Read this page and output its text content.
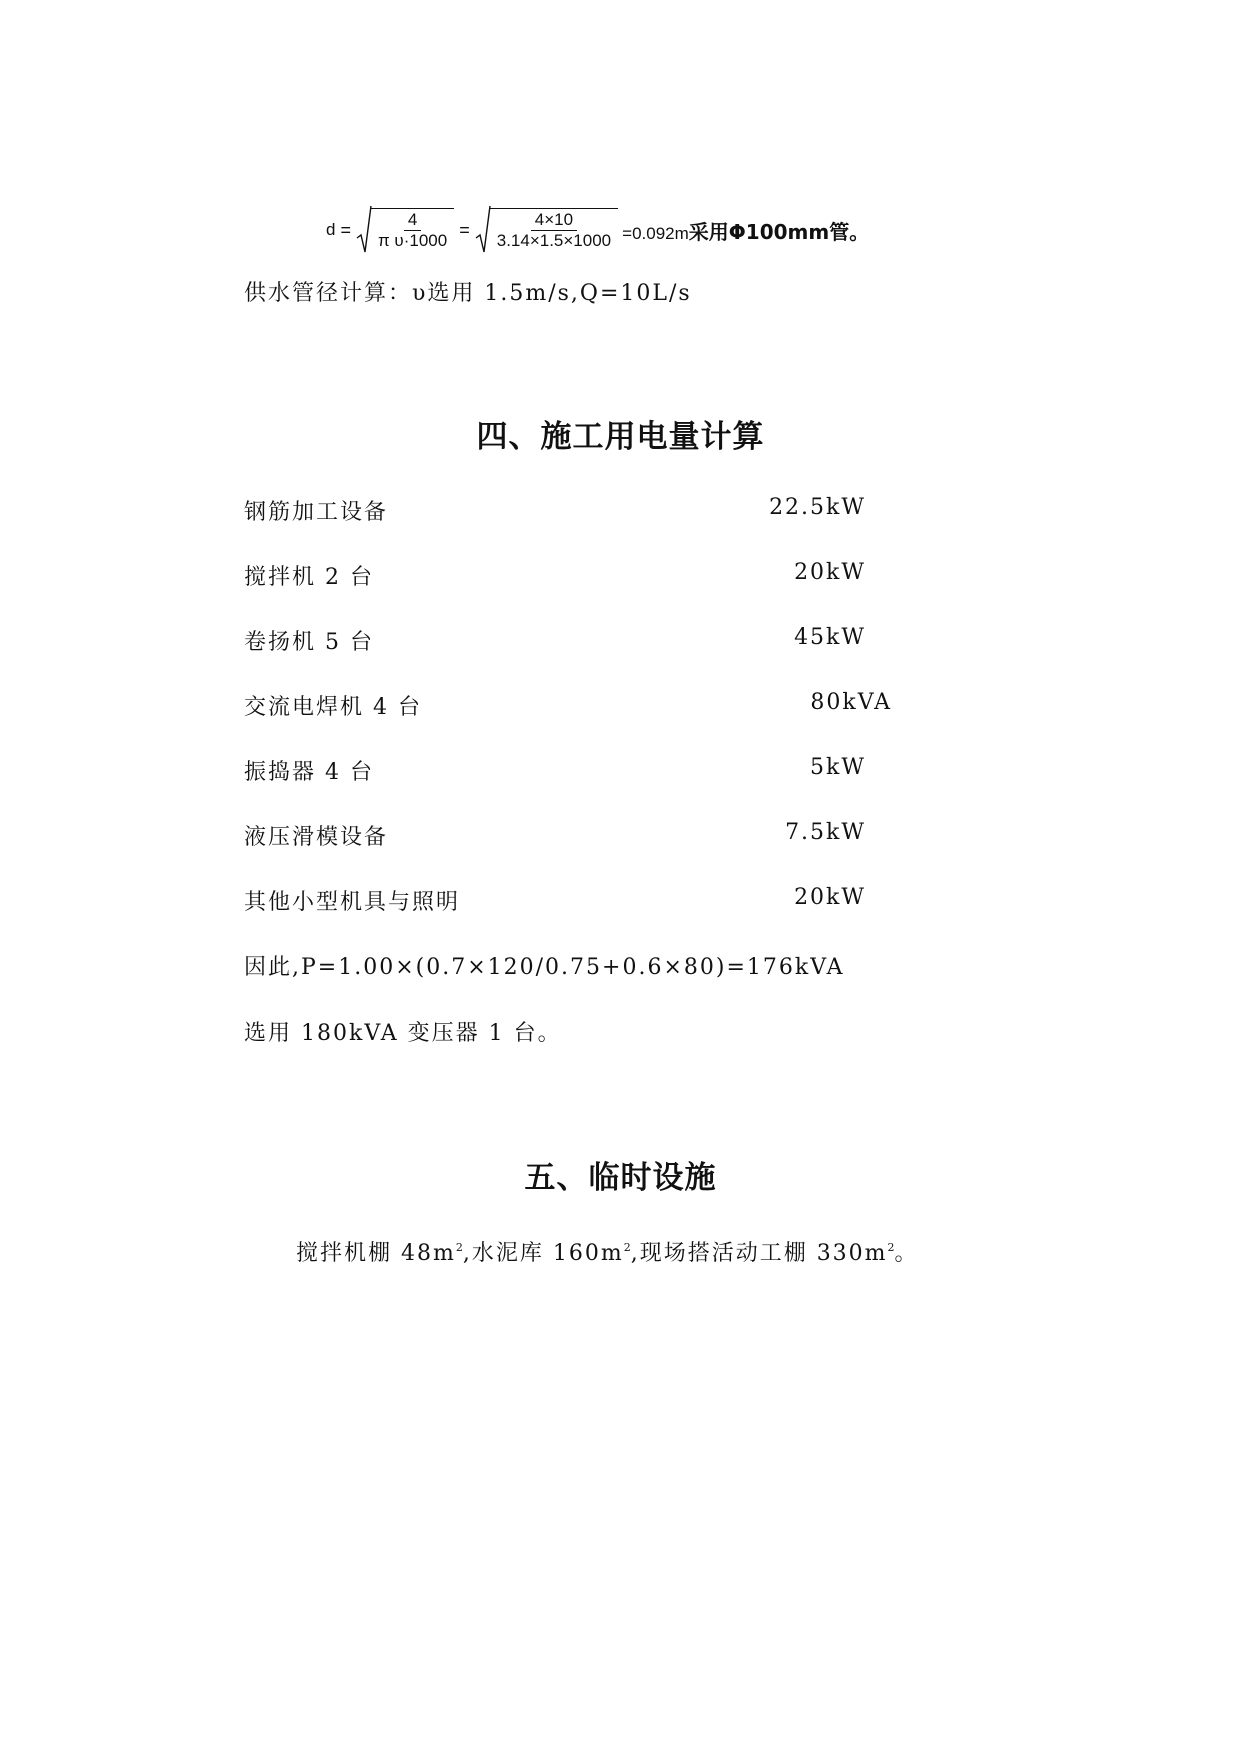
$d = \frac{4}{\text{π υ·1000}} = \frac{4\times 10}{3.14\times 1.5\times 1000} =0.092m$采用Φ100mm管。
供水管径计算：υ选用 1.5m/s,Q=10L/s
四、施工用电量计算
钢筋加工设备	22.5kW
搅拌机 2 台	20kW
卷扬机 5 台	45kW
交流电焊机 4 台	80kVA
振捣器 4 台	5kW
液压滑模设备	7.5kW
其他小型机具与照明	20kW
因此,P=1.00×(0.7×120/0.75+0.6×80)=176kVA
选用 180kVA 变压器 1 台。
五、临时设施
搅拌机棚 $48m^2$,水泥库 $160m^2$,现场搭活动工棚 $330m^2$。
